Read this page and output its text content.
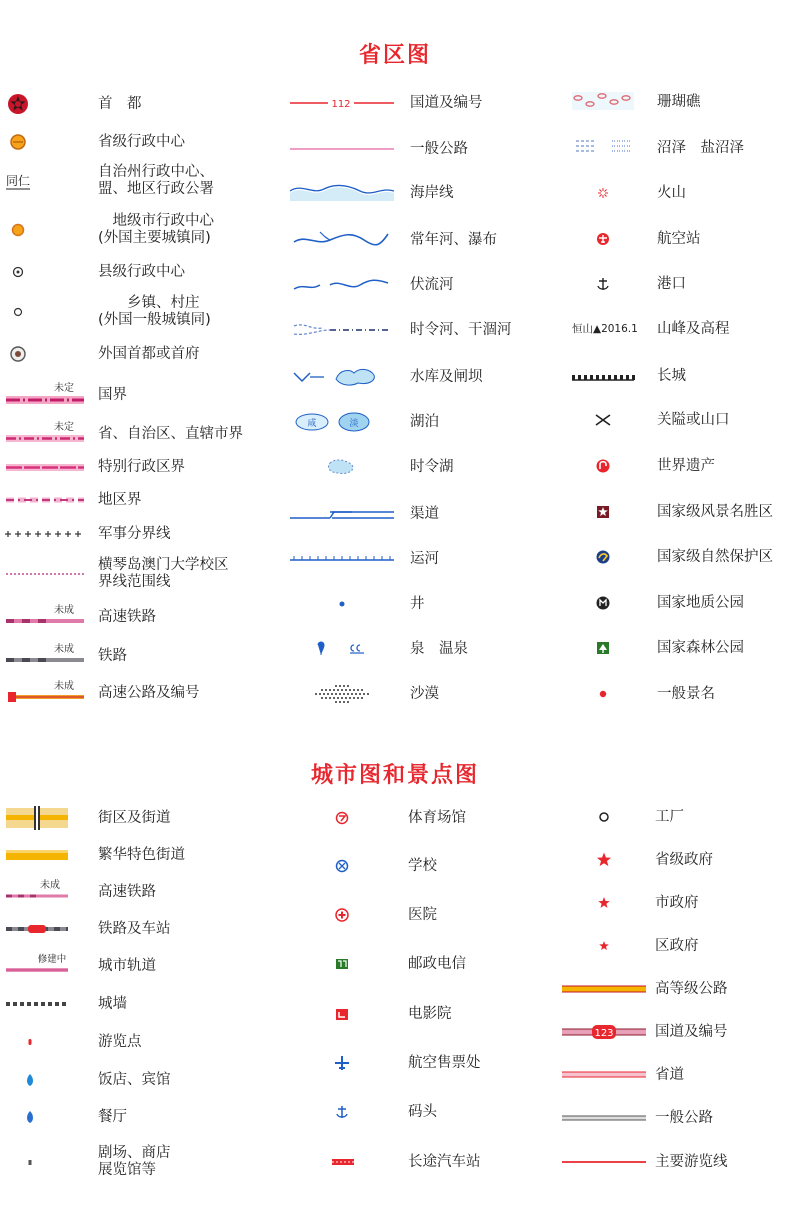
省区图
城市图和景点图
首　都
省级行政中心
自治州行政中心、
盟、地区行政公署
同仁
　地级市行政中心
(外国主要城镇同)
县级行政中心
　　乡镇、村庄
(外国一般城镇同)
外国首都或首府
国界
未定
省、自治区、直辖市界
未定
特别行政区界
地区界
军事分界线
横琴岛澳门大学校区
界线范围线
高速铁路
未成
铁路
未成
高速公路及编号
未成
国道及编号
112
一般公路
海岸线
常年河、瀑布
伏流河
时令河、干涸河
水库及闸坝
湖泊
咸	淡
时令湖
渠道
运河
井
泉　温泉
沙漠
珊瑚礁
沼泽　盐沼泽
火山
航空站
港口
山峰及高程
恒山▲2016.1
长城
关隘或山口
世界遗产
国家级风景名胜区
国家级自然保护区
国家地质公园
国家森林公园
一般景名
街区及街道
繁华特色街道
高速铁路
未成
铁路及车站
城市轨道
修建中
城墙
游览点
饭店、宾馆
餐厅
剧场、商店
展览馆等
体育场馆
学校
医院
邮政电信
电影院
航空售票处
码头
长途汽车站
工厂
省级政府
市政府
区政府
高等级公路
国道及编号
123
省道
一般公路
主要游览线
